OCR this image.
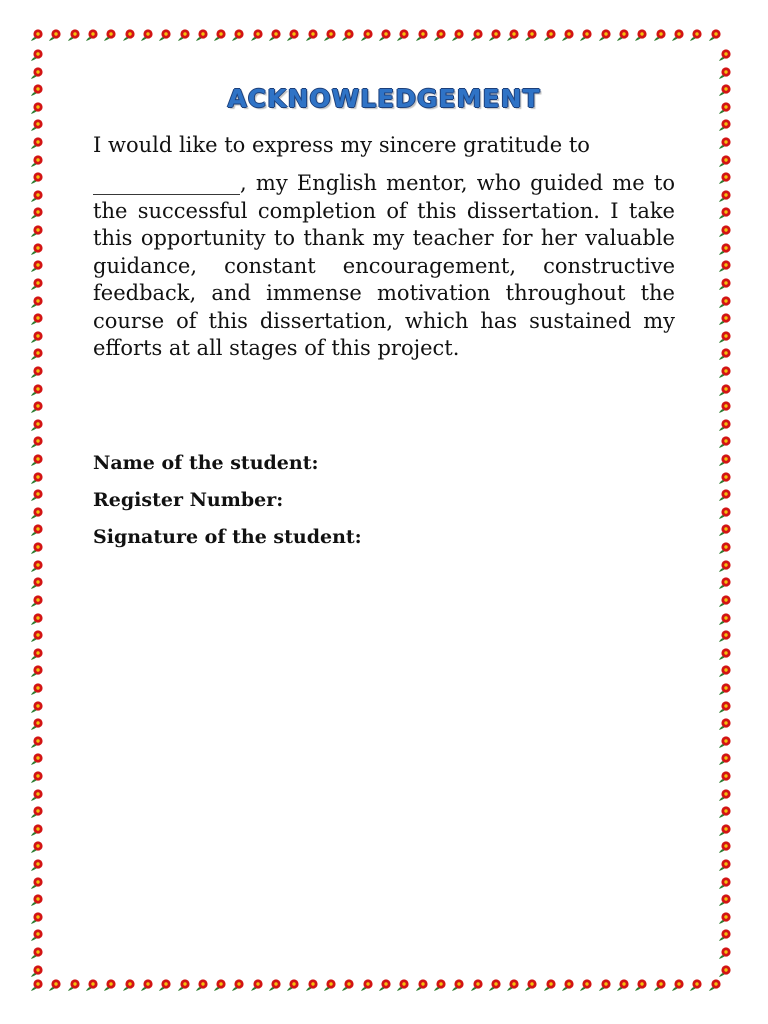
ACKNOWLEDGEMENT
I would like to express my sincere gratitude to
______________, my English mentor, who guided me to the successful completion of this dissertation. I take this opportunity to thank my teacher for her valuable guidance, constant encouragement, constructive feedback, and immense motivation throughout the course of this dissertation, which has sustained my efforts at all stages of this project.
Name of the student:
Register Number:
Signature of the student:
